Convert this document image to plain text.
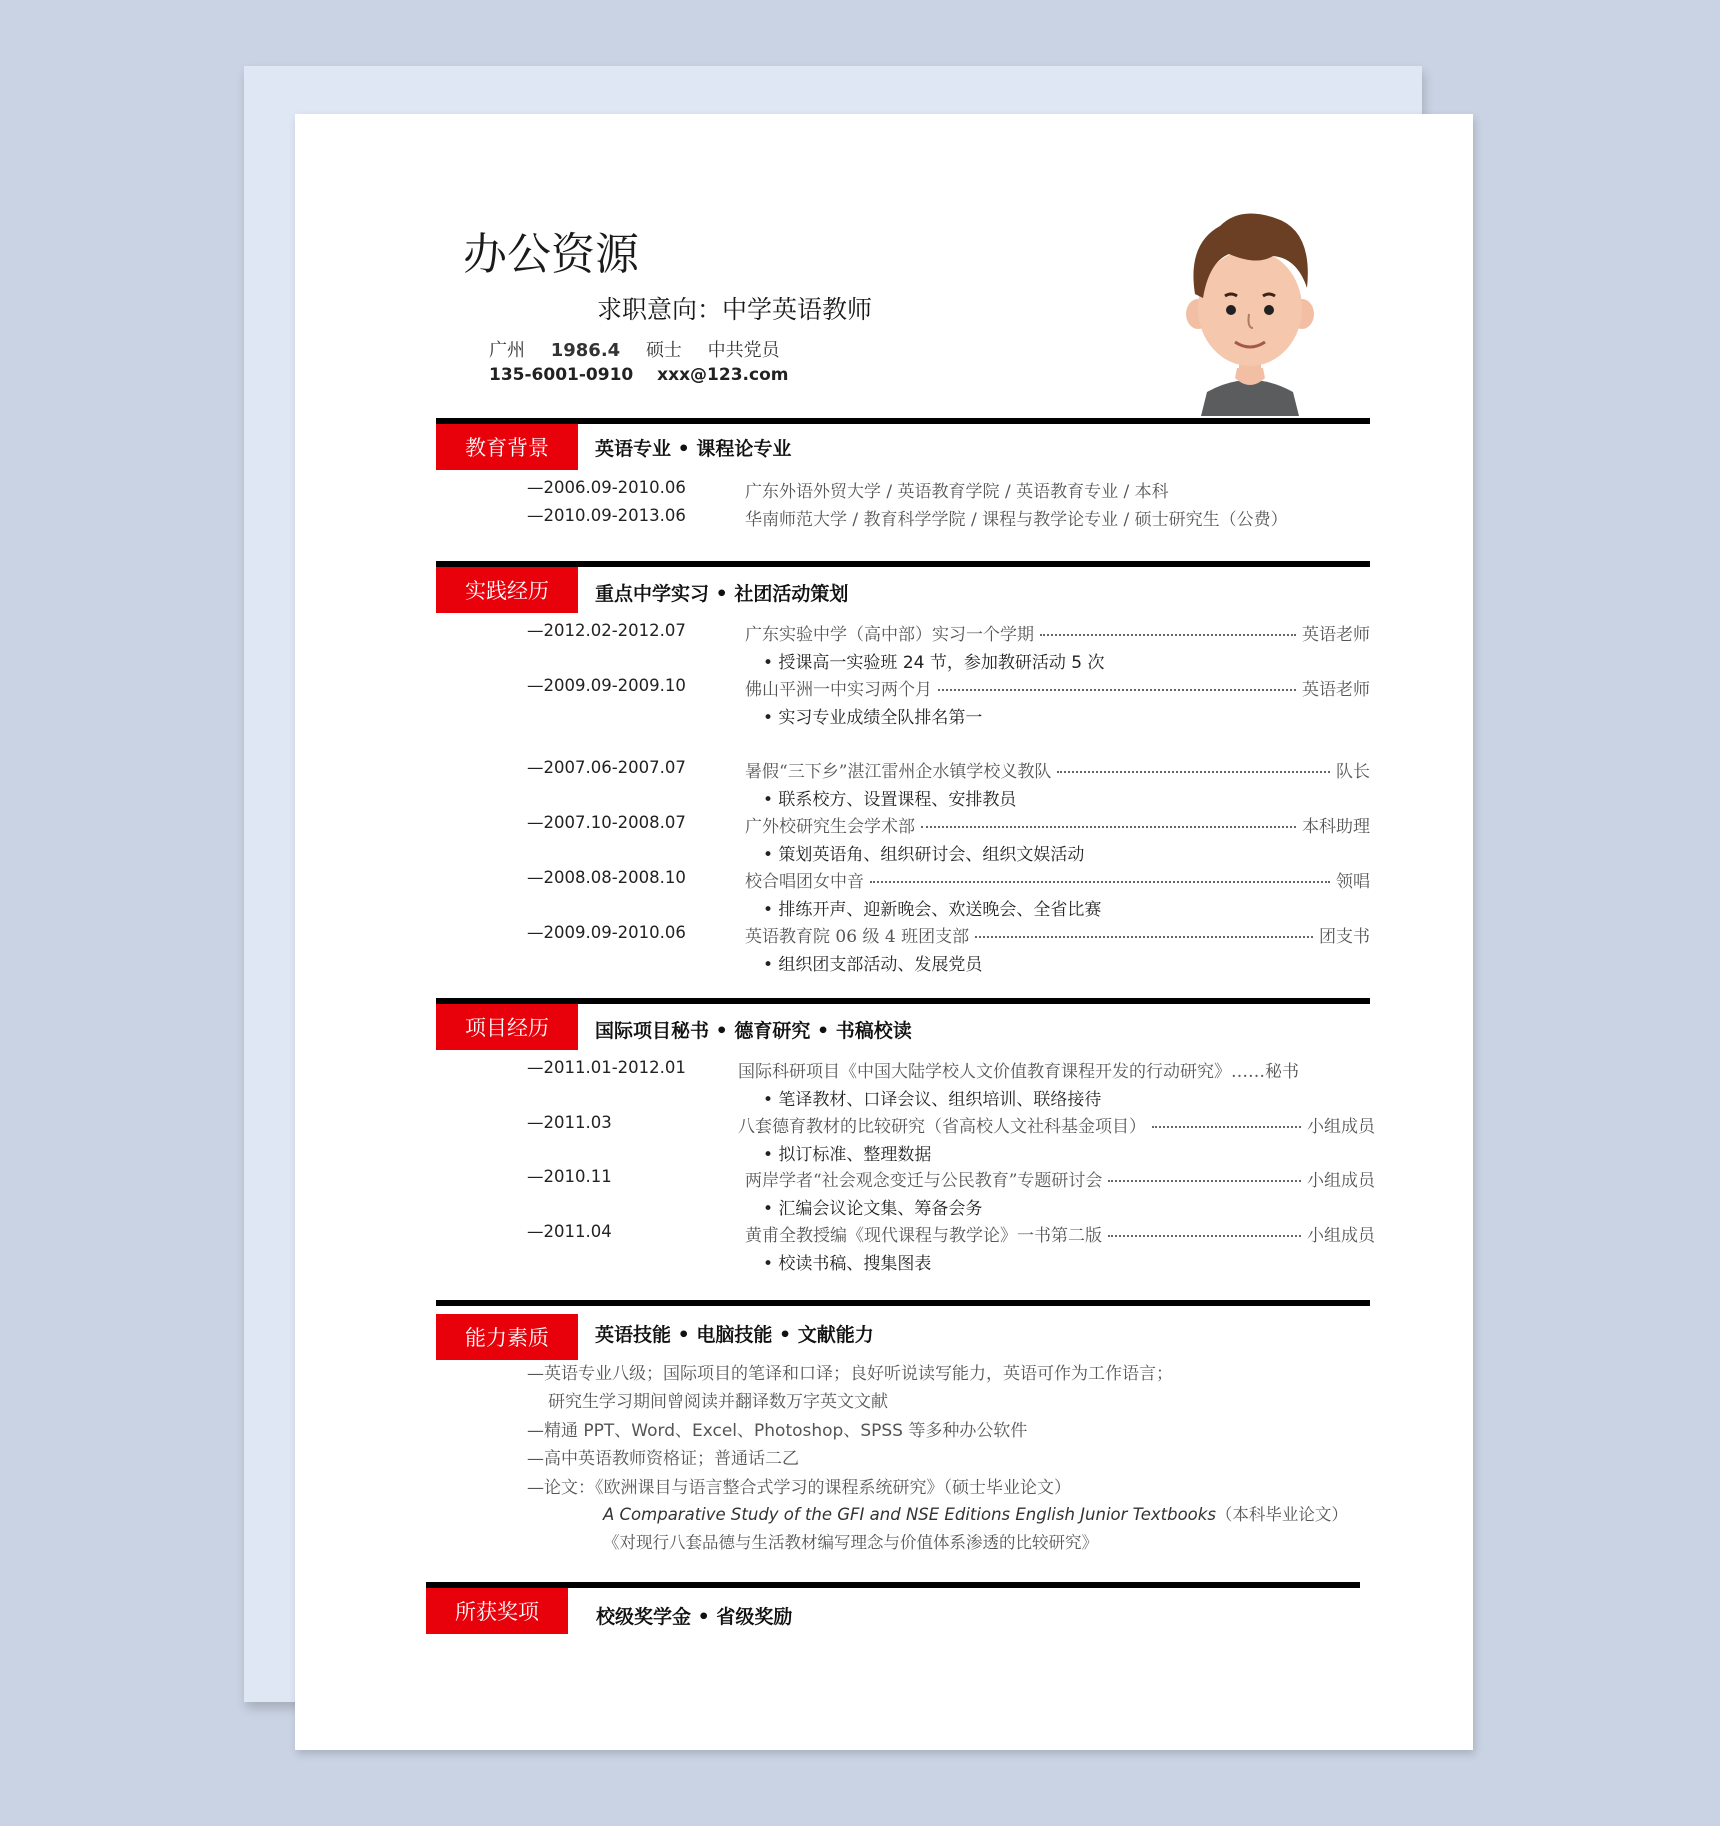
办公资源
求职意向：中学英语教师
广州 1986.4 硕士 中共党员
135-6001-0910 xxx@123.com
教育背景	英语专业 • 课程论专业
—2006.09-2010.06	广东外语外贸大学 / 英语教育学院 / 英语教育专业 / 本科
—2010.09-2013.06	华南师范大学 / 教育科学学院 / 课程与教学论专业 / 硕士研究生（公费）
实践经历	重点中学实习 • 社团活动策划
—2012.02-2012.07	广东实验中学（高中部）实习一个学期	英语老师
• 授课高一实验班 24 节，参加教研活动 5 次
—2009.09-2009.10	佛山平洲一中实习两个月	英语老师
• 实习专业成绩全队排名第一
—2007.06-2007.07	暑假“三下乡”湛江雷州企水镇学校义教队	队长
• 联系校方、设置课程、安排教员
—2007.10-2008.07	广外校研究生会学术部	本科助理
• 策划英语角、组织研讨会、组织文娱活动
—2008.08-2008.10	校合唱团女中音	领唱
• 排练开声、迎新晚会、欢送晚会、全省比赛
—2009.09-2010.06	英语教育院 06 级 4 班团支部	团支书
• 组织团支部活动、发展党员
项目经历	国际项目秘书 • 德育研究 • 书稿校读
—2011.01-2012.01	国际科研项目《中国大陆学校人文价值教育课程开发的行动研究》……秘书
• 笔译教材、口译会议、组织培训、联络接待
—2011.03	八套德育教材的比较研究（省高校人文社科基金项目）	小组成员
• 拟订标准、整理数据
—2010.11	两岸学者“社会观念变迁与公民教育”专题研讨会	小组成员
• 汇编会议论文集、筹备会务
—2011.04	黄甫全教授编《现代课程与教学论》一书第二版	小组成员
• 校读书稿、搜集图表
能力素质	英语技能 • 电脑技能 • 文献能力
—英语专业八级；国际项目的笔译和口译；良好听说读写能力，英语可作为工作语言；
研究生学习期间曾阅读并翻译数万字英文文献
—精通 PPT、Word、Excel、Photoshop、SPSS 等多种办公软件
—高中英语教师资格证；普通话二乙
—论文：《欧洲课目与语言整合式学习的课程系统研究》（硕士毕业论文）
A Comparative Study of the GFI and NSE Editions English Junior Textbooks（本科毕业论文）
《对现行八套品德与生活教材编写理念与价值体系渗透的比较研究》
所获奖项	校级奖学金 • 省级奖励
